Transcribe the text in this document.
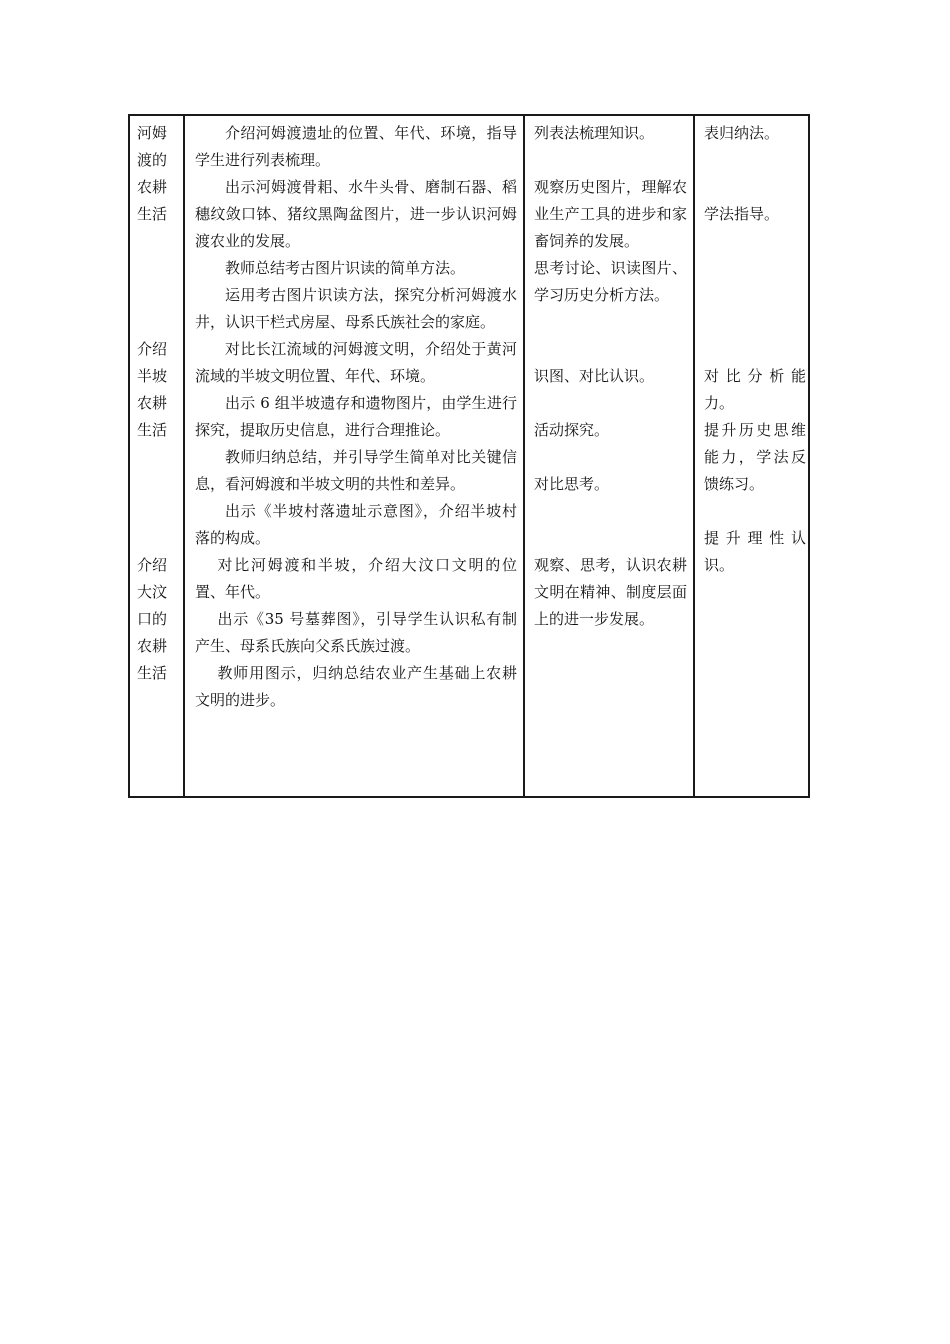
河姆渡的农耕生活
介绍半坡农耕生活
介绍大汶口的农耕生活
介绍河姆渡遗址的位置、年代、环境，指导学生进行列表梳理。
出示河姆渡骨耜、水牛头骨、磨制石器、稻穗纹敛口钵、猪纹黑陶盆图片，进一步认识河姆渡农业的发展。
教师总结考古图片识读的简单方法。
运用考古图片识读方法，探究分析河姆渡水井，认识干栏式房屋、母系氏族社会的家庭。
对比长江流域的河姆渡文明，介绍处于黄河流域的半坡文明位置、年代、环境。
出示 6 组半坡遗存和遗物图片，由学生进行探究，提取历史信息，进行合理推论。
教师归纳总结，并引导学生简单对比关键信息，看河姆渡和半坡文明的共性和差异。
出示《半坡村落遗址示意图》，介绍半坡村落的构成。
对比河姆渡和半坡，介绍大汶口文明的位置、年代。
出示《35 号墓葬图》，引导学生认识私有制产生、母系氏族向父系氏族过渡。
教师用图示，归纳总结农业产生基础上农耕文明的进步。
列表法梳理知识。
观察历史图片，理解农业生产工具的进步和家畜饲养的发展。
思考讨论、识读图片、学习历史分析方法。
识图、对比认识。
活动探究。
对比思考。
观察、思考，认识农耕文明在精神、制度层面上的进一步发展。
表归纳法。
学法指导。
对比分析能力。
提升历史思维能力，学法反馈练习。
提升理性认识。
